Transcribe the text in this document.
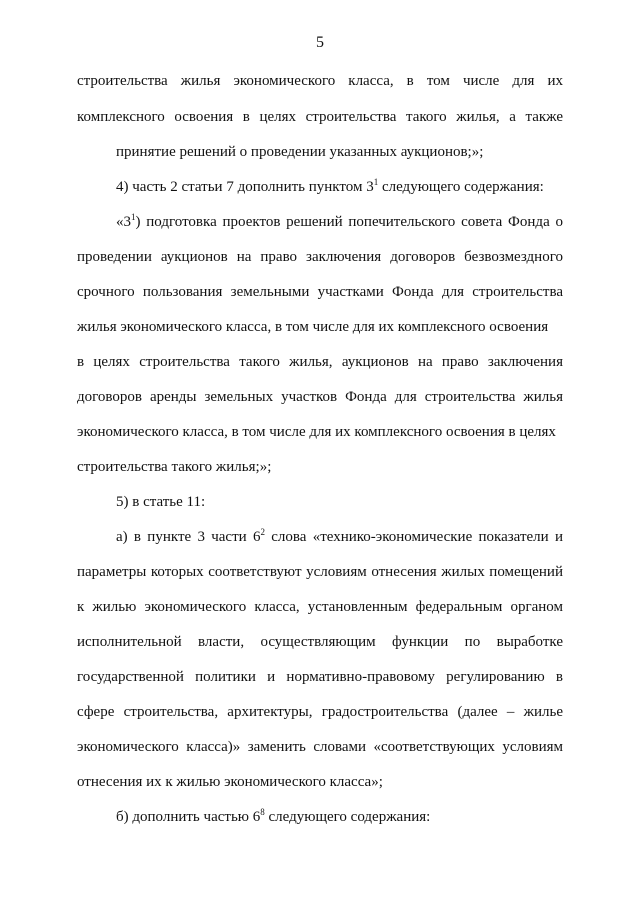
5
строительства жилья экономического класса, в том числе для их
комплексного освоения в целях строительства такого жилья, а также
принятие решений о проведении указанных аукционов;»;
4) часть 2 статьи 7 дополнить пунктом $3^1$ следующего содержания:
«$3^1$) подготовка проектов решений попечительского совета Фонда о
проведении аукционов на право заключения договоров безвозмездного
срочного пользования земельными участками Фонда для строительства
жилья экономического класса, в том числе для их комплексного освоения
в целях строительства такого жилья, аукционов на право заключения
договоров аренды земельных участков Фонда для строительства жилья
экономического класса, в том числе для их комплексного освоения в целях
строительства такого жилья;»;
5) в статье 11:
а) в пункте 3 части $6^2$ слова «технико-экономические показатели и
параметры которых соответствуют условиям отнесения жилых помещений
к жилью экономического класса, установленным федеральным органом
исполнительной власти, осуществляющим функции по выработке
государственной политики и нормативно-правовому регулированию в
сфере строительства, архитектуры, градостроительства (далее – жилье
экономического класса)» заменить словами «соответствующих условиям
отнесения их к жилью экономического класса»;
б) дополнить частью $6^8$ следующего содержания:
